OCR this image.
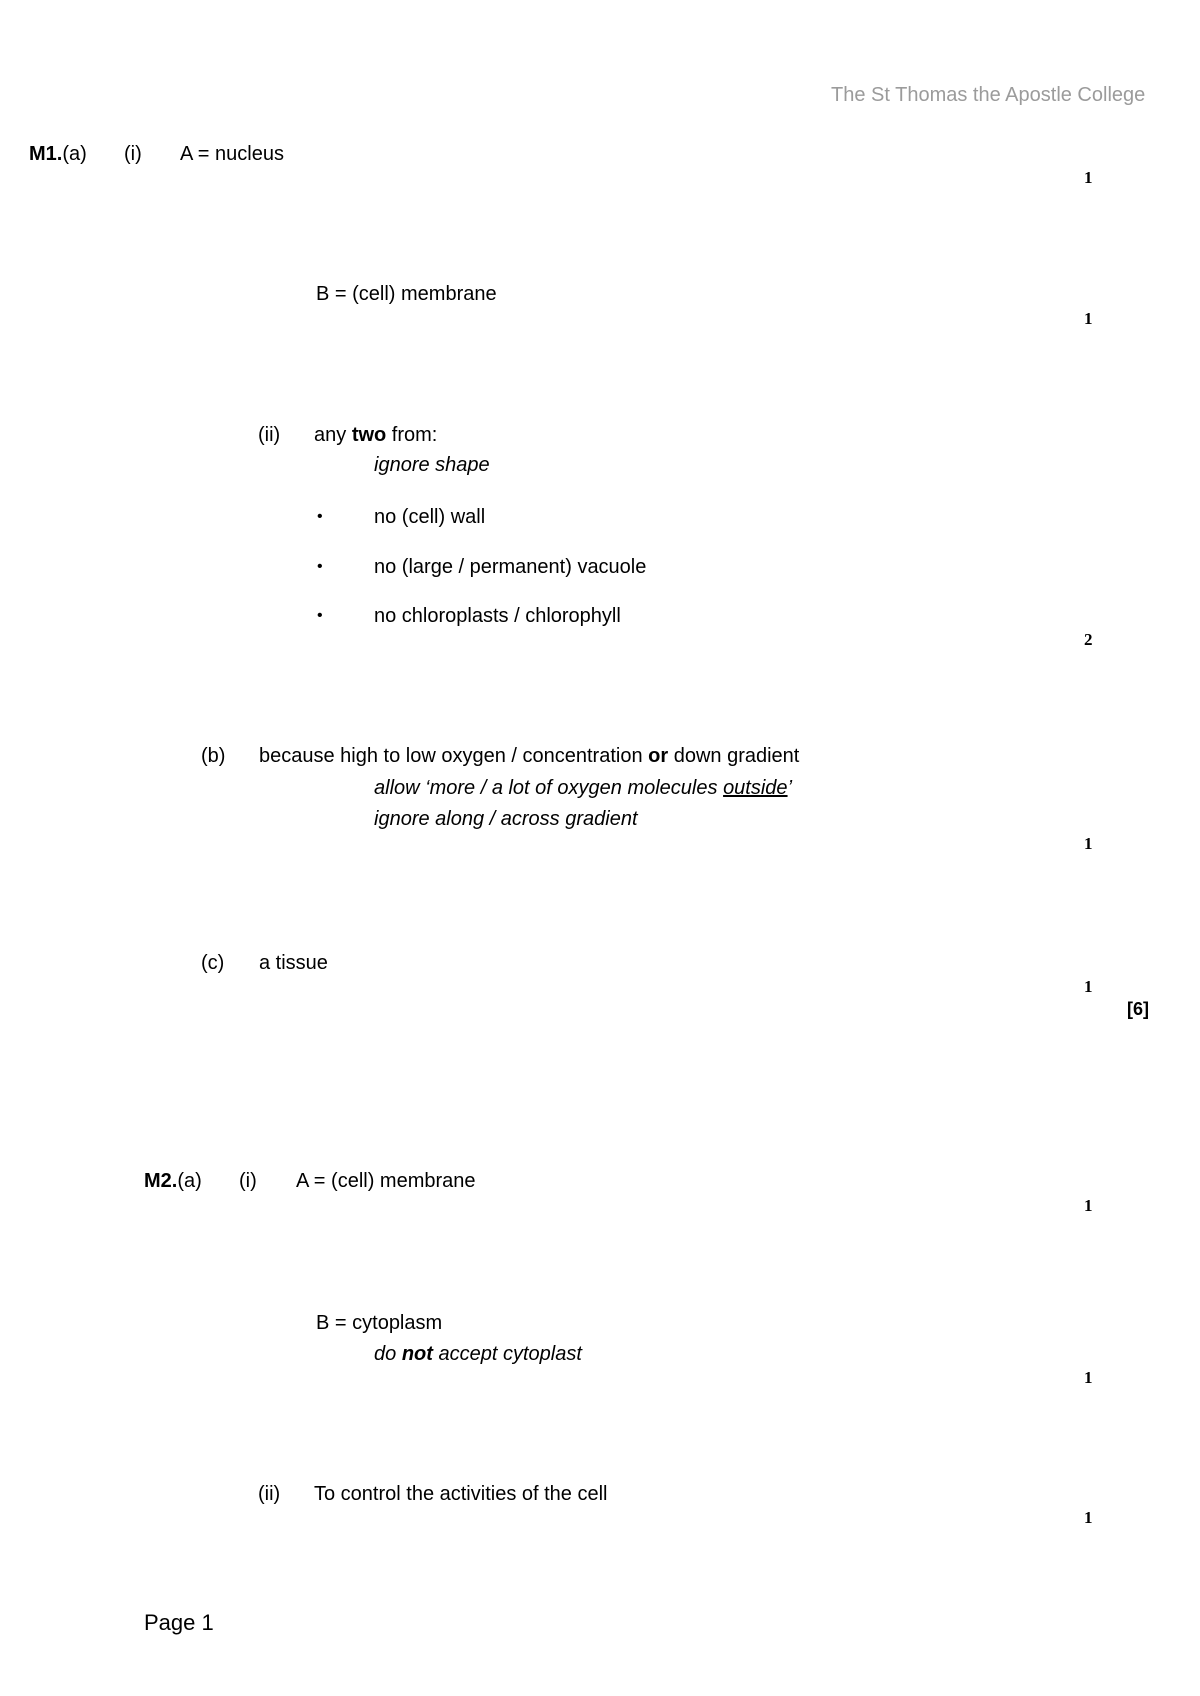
The St Thomas the Apostle College
M1.(a) (i) A = nucleus
1
B = (cell) membrane
1
(ii) any two from:
ignore shape
•	no (cell) wall
•	no (large / permanent) vacuole
•	no chloroplasts / chlorophyll
2
(b) because high to low oxygen / concentration or down gradient
allow ‘more / a lot of oxygen molecules outside’
ignore along / across gradient
1
(c) a tissue
1
[6]
M2.(a) (i) A = (cell) membrane
1
B = cytoplasm
do not accept cytoplast
1
(ii) To control the activities of the cell
1
Page 1
